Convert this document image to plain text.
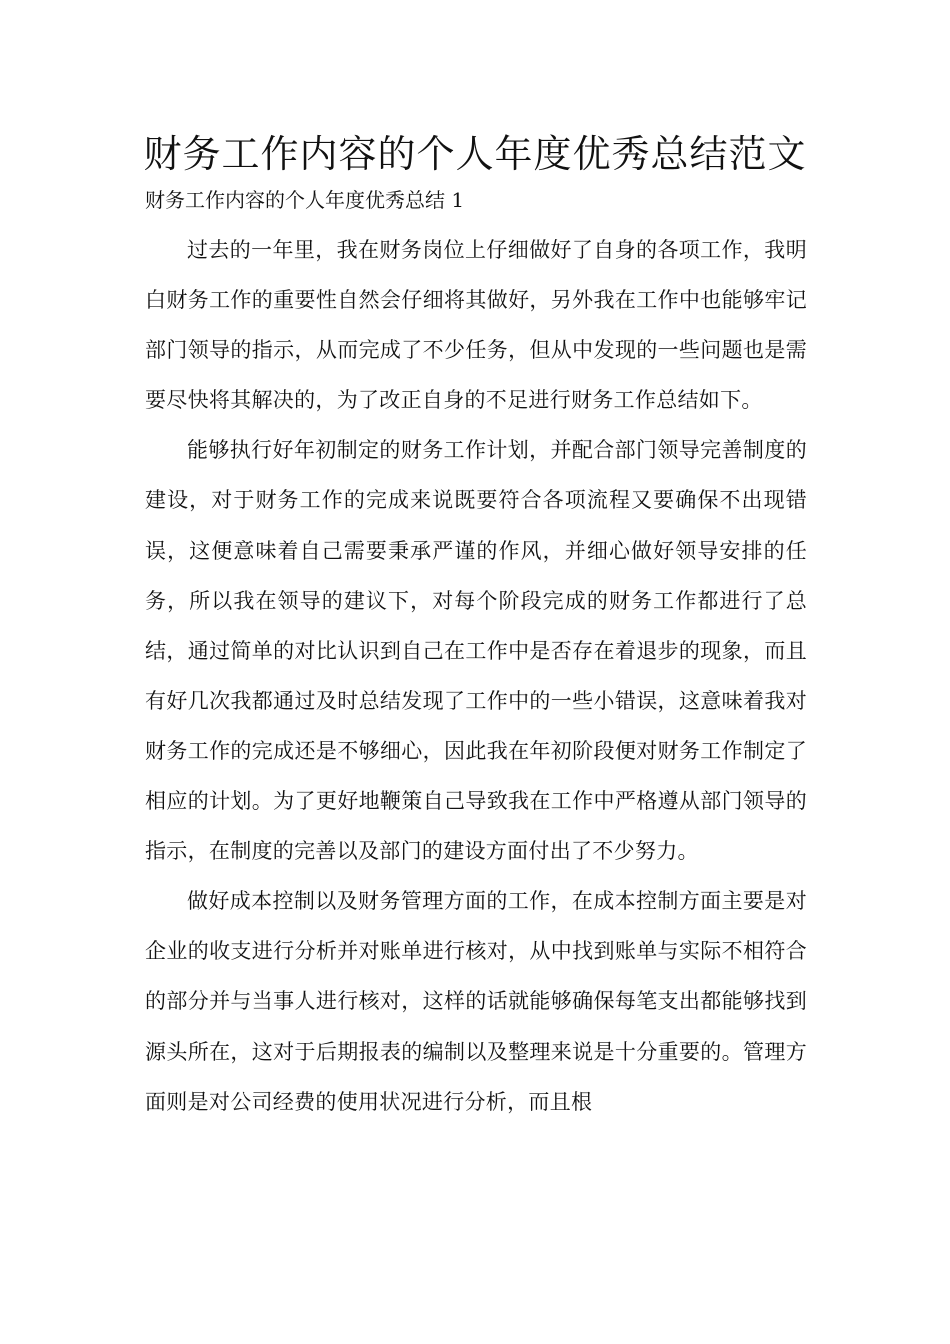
财务工作内容的个人年度优秀总结范文

财务工作内容的个人年度优秀总结 1

过去的一年里，我在财务岗位上仔细做好了自身的各项工作，我明白财务工作的重要性自然会仔细将其做好，另外我在工作中也能够牢记部门领导的指示，从而完成了不少任务，但从中发现的一些问题也是需要尽快将其解决的，为了改正自身的不足进行财务工作总结如下。

能够执行好年初制定的财务工作计划，并配合部门领导完善制度的建设，对于财务工作的完成来说既要符合各项流程又要确保不出现错误，这便意味着自己需要秉承严谨的作风，并细心做好领导安排的任务，所以我在领导的建议下，对每个阶段完成的财务工作都进行了总结，通过简单的对比认识到自己在工作中是否存在着退步的现象，而且有好几次我都通过及时总结发现了工作中的一些小错误，这意味着我对财务工作的完成还是不够细心，因此我在年初阶段便对财务工作制定了相应的计划。为了更好地鞭策自己导致我在工作中严格遵从部门领导的指示，在制度的完善以及部门的建设方面付出了不少努力。

做好成本控制以及财务管理方面的工作，在成本控制方面主要是对企业的收支进行分析并对账单进行核对，从中找到账单与实际不相符合的部分并与当事人进行核对，这样的话就能够确保每笔支出都能够找到源头所在，这对于后期报表的编制以及整理来说是十分重要的。管理方面则是对公司经费的使用状况进行分析，而且根
